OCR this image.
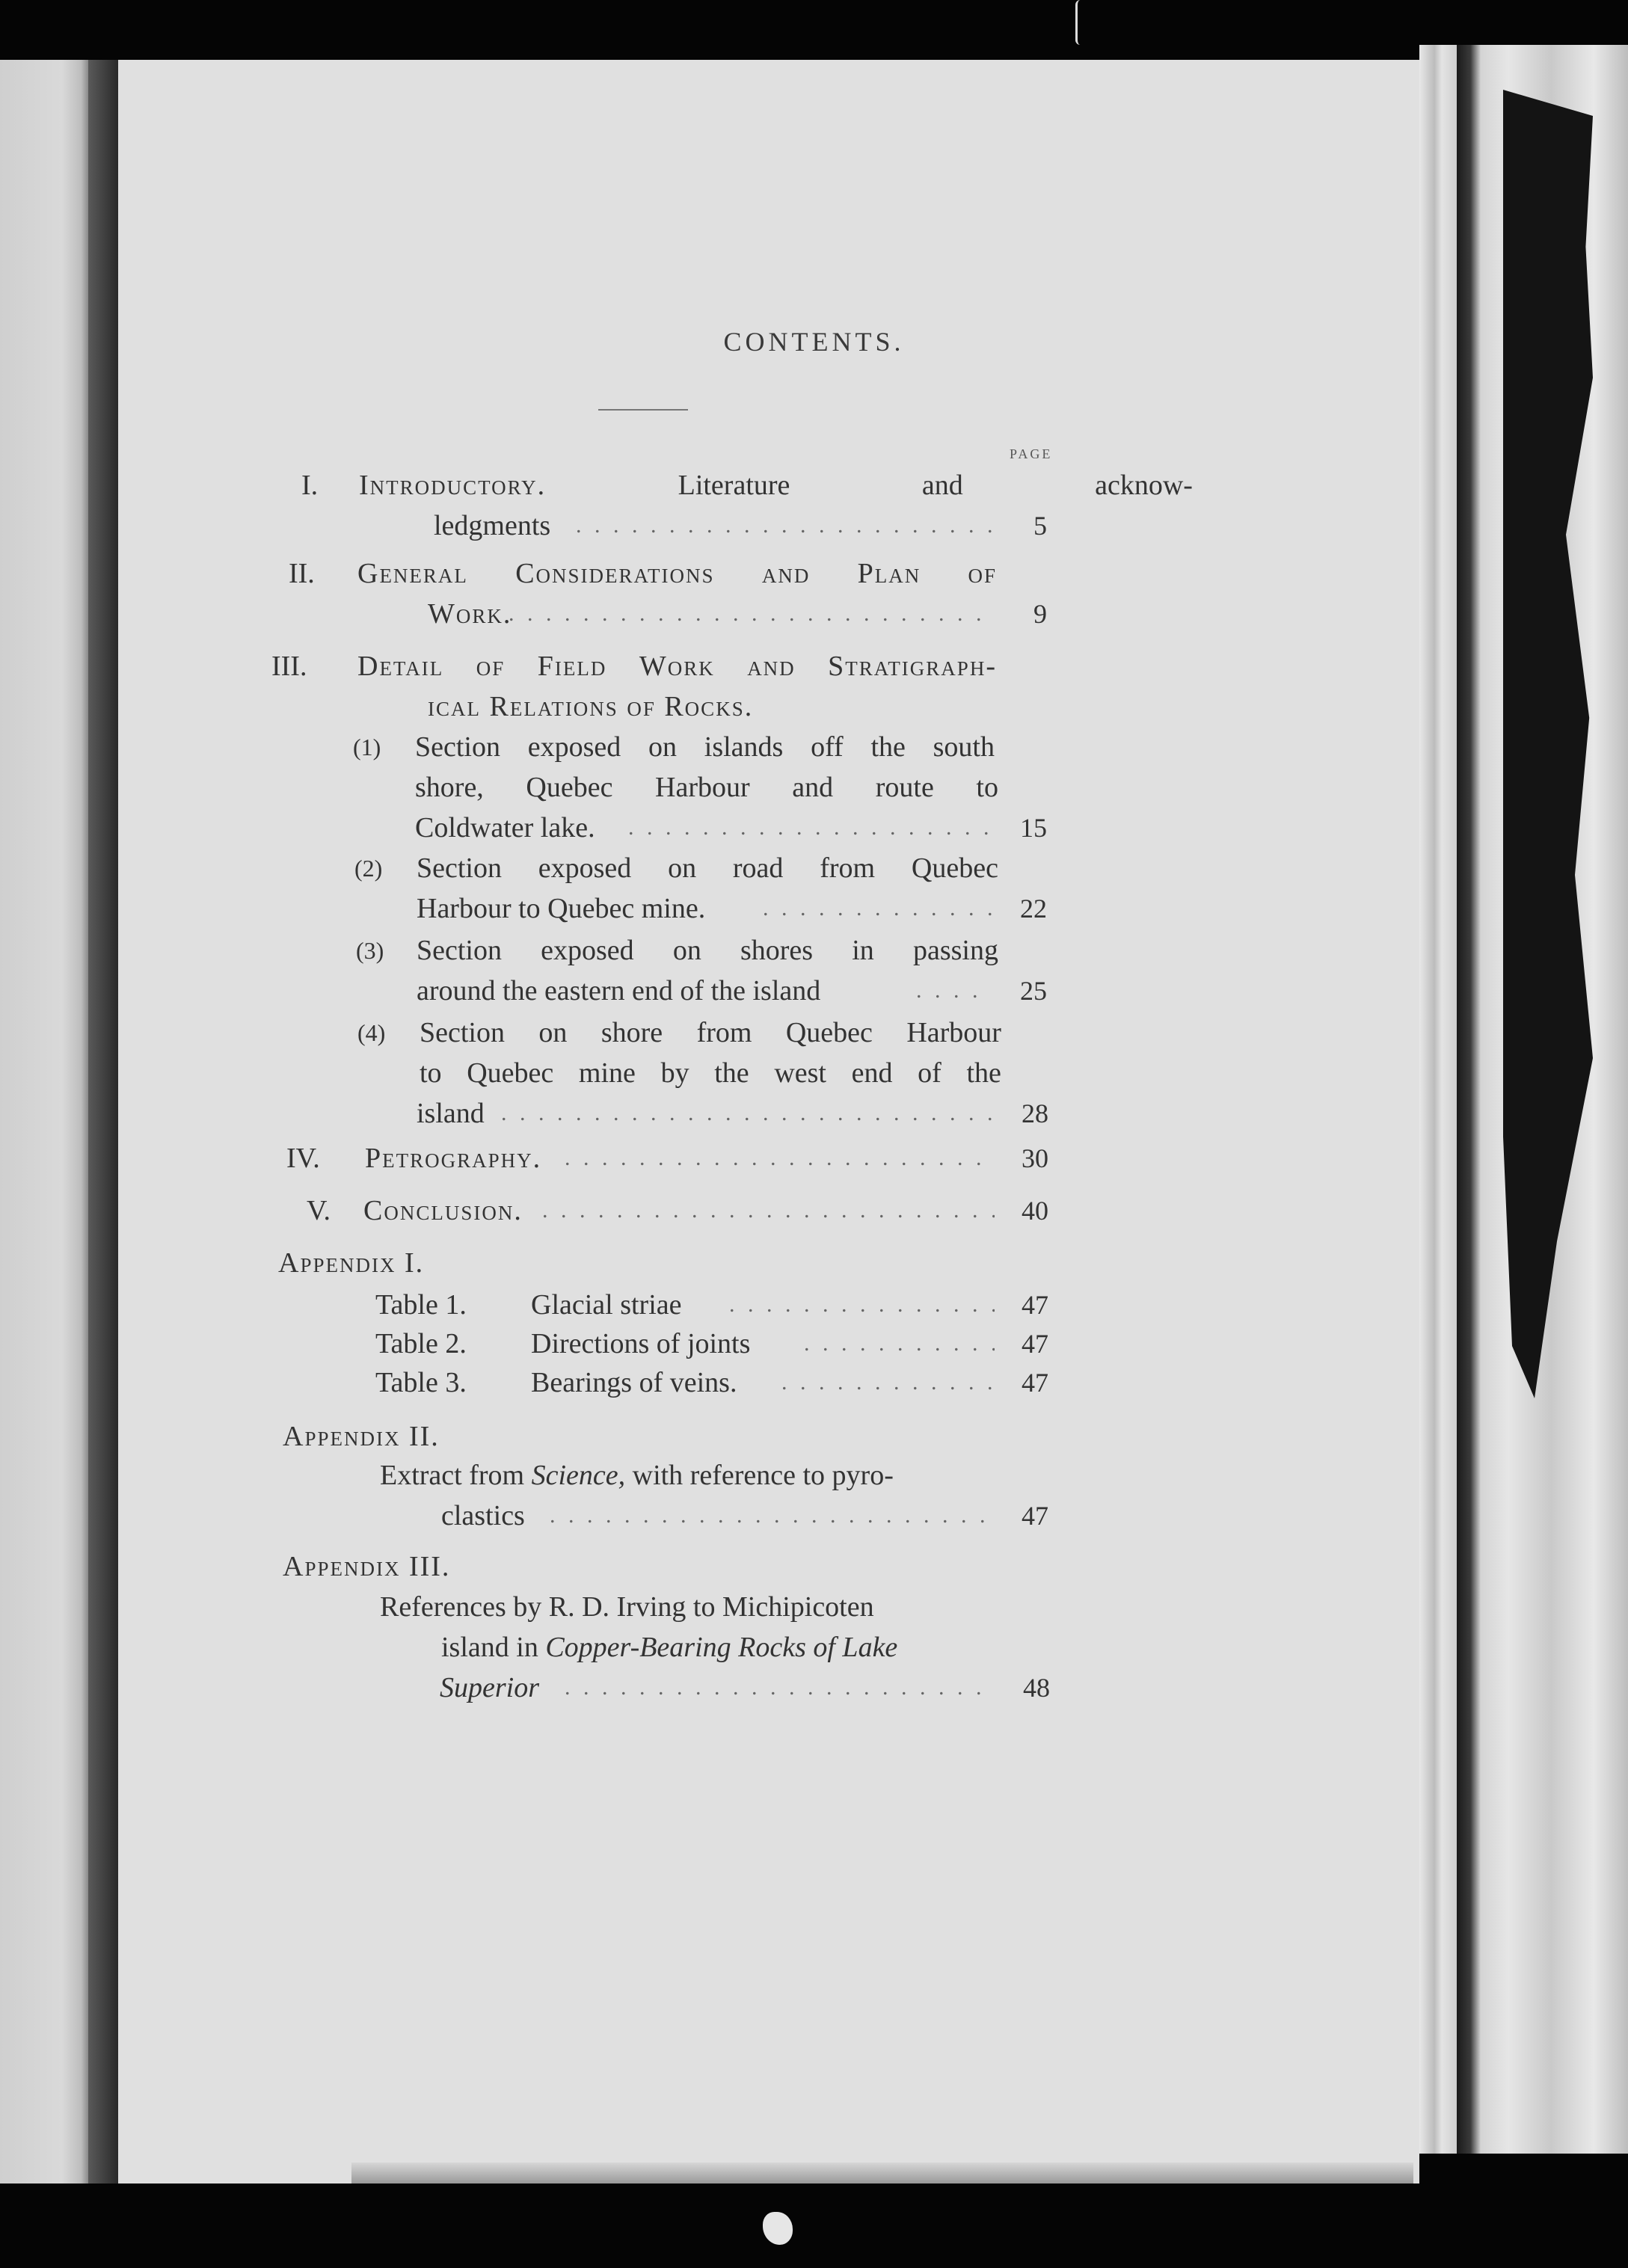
CONTENTS.
PAGE
I. Introductory.	Literature	and	acknow-
ledgments . . .	5
II. General Considerations and Plan of
Work. . . .	9
III. Detail of Field Work and Stratigraph-
ical Relations of Rocks.
(1) Section exposed on islands off the south
shore, Quebec Harbour and route to
Coldwater lake. . . .	15
(2) Section exposed on road from Quebec
Harbour to Quebec mine. . . .	22
(3) Section exposed on shores in passing
around the eastern end of the island . . .	25
(4) Section on shore from Quebec Harbour
to Quebec mine by the west end of the
island . . .	28
IV. Petrography. . . .	30
V. Conclusion. . . .	40
Appendix I.
Table 1. Glacial striae . . .	47
Table 2. Directions of joints . . .	47
Table 3. Bearings of veins. . . .	47
Appendix II.
Extract from Science, with reference to pyro-
clastics . . .	47
Appendix III.
References by R. D. Irving to Michipicoten
island in Copper-Bearing Rocks of Lake
Superior . . .	48
